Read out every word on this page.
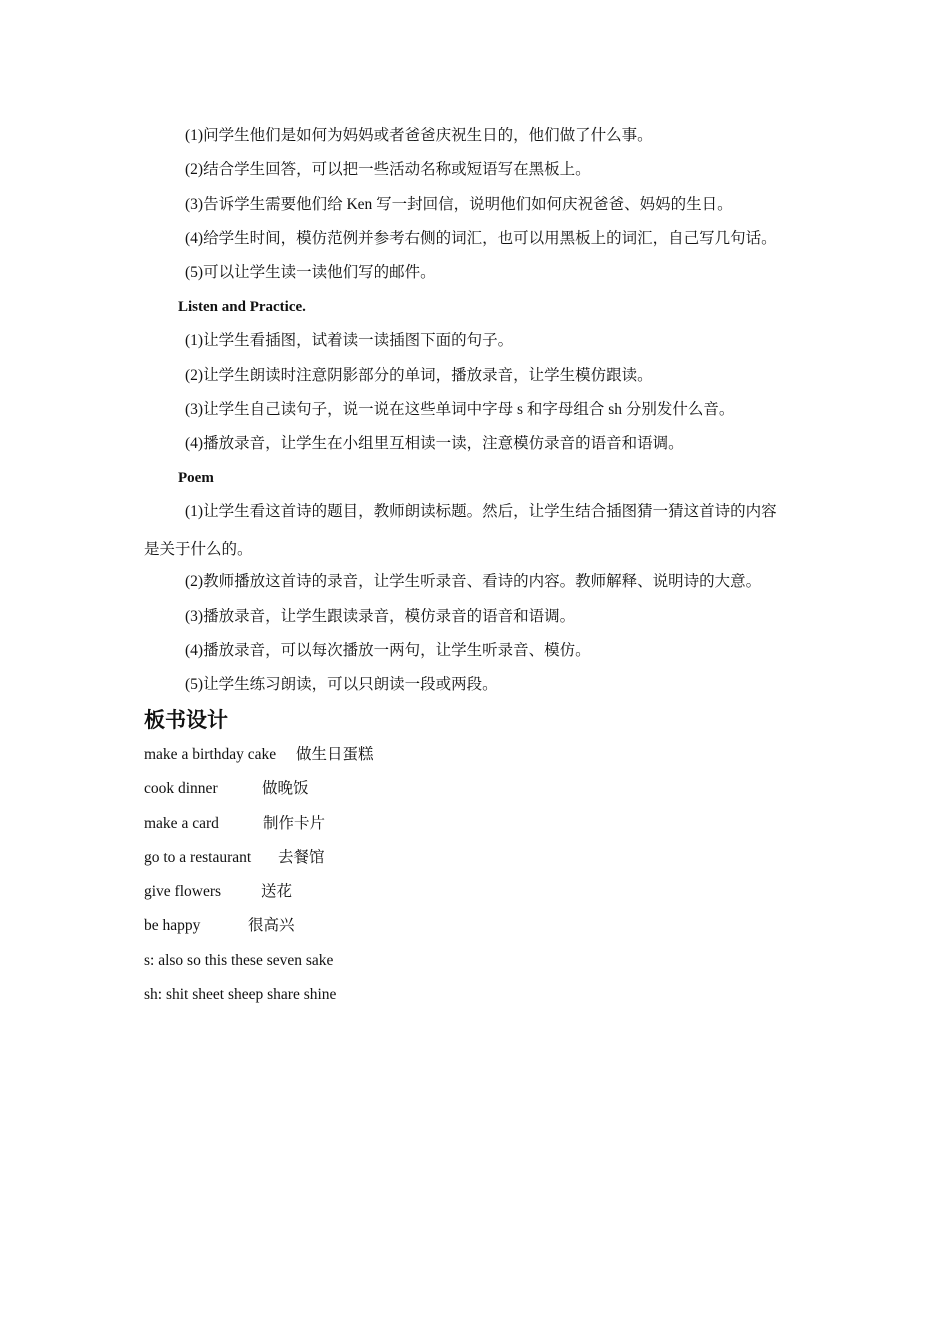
(1)问学生他们是如何为妈妈或者爸爸庆祝生日的，他们做了什么事。
(2)结合学生回答，可以把一些活动名称或短语写在黑板上。
(3)告诉学生需要他们给 Ken 写一封回信，说明他们如何庆祝爸爸、妈妈的生日。
(4)给学生时间，模仿范例并参考右侧的词汇，也可以用黑板上的词汇，自己写几句话。
(5)可以让学生读一读他们写的邮件。
Listen and Practice.
(1)让学生看插图，试着读一读插图下面的句子。
(2)让学生朗读时注意阴影部分的单词，播放录音，让学生模仿跟读。
(3)让学生自己读句子，说一说在这些单词中字母 s 和字母组合 sh 分别发什么音。
(4)播放录音，让学生在小组里互相读一读，注意模仿录音的语音和语调。
Poem
(1)让学生看这首诗的题目，教师朗读标题。然后，让学生结合插图猜一猜这首诗的内容
是关于什么的。
(2)教师播放这首诗的录音，让学生听录音、看诗的内容。教师解释、说明诗的大意。
(3)播放录音，让学生跟读录音，模仿录音的语音和语调。
(4)播放录音，可以每次播放一两句，让学生听录音、模仿。
(5)让学生练习朗读，可以只朗读一段或两段。
板书设计
make a birthday cake 做生日蛋糕
cook dinner	做晚饭
make a card	制作卡片
go to a restaurant 去餐馆
give flowers	送花
be happy	很高兴
s: also so this these seven sake
sh: shit sheet sheep share shine
